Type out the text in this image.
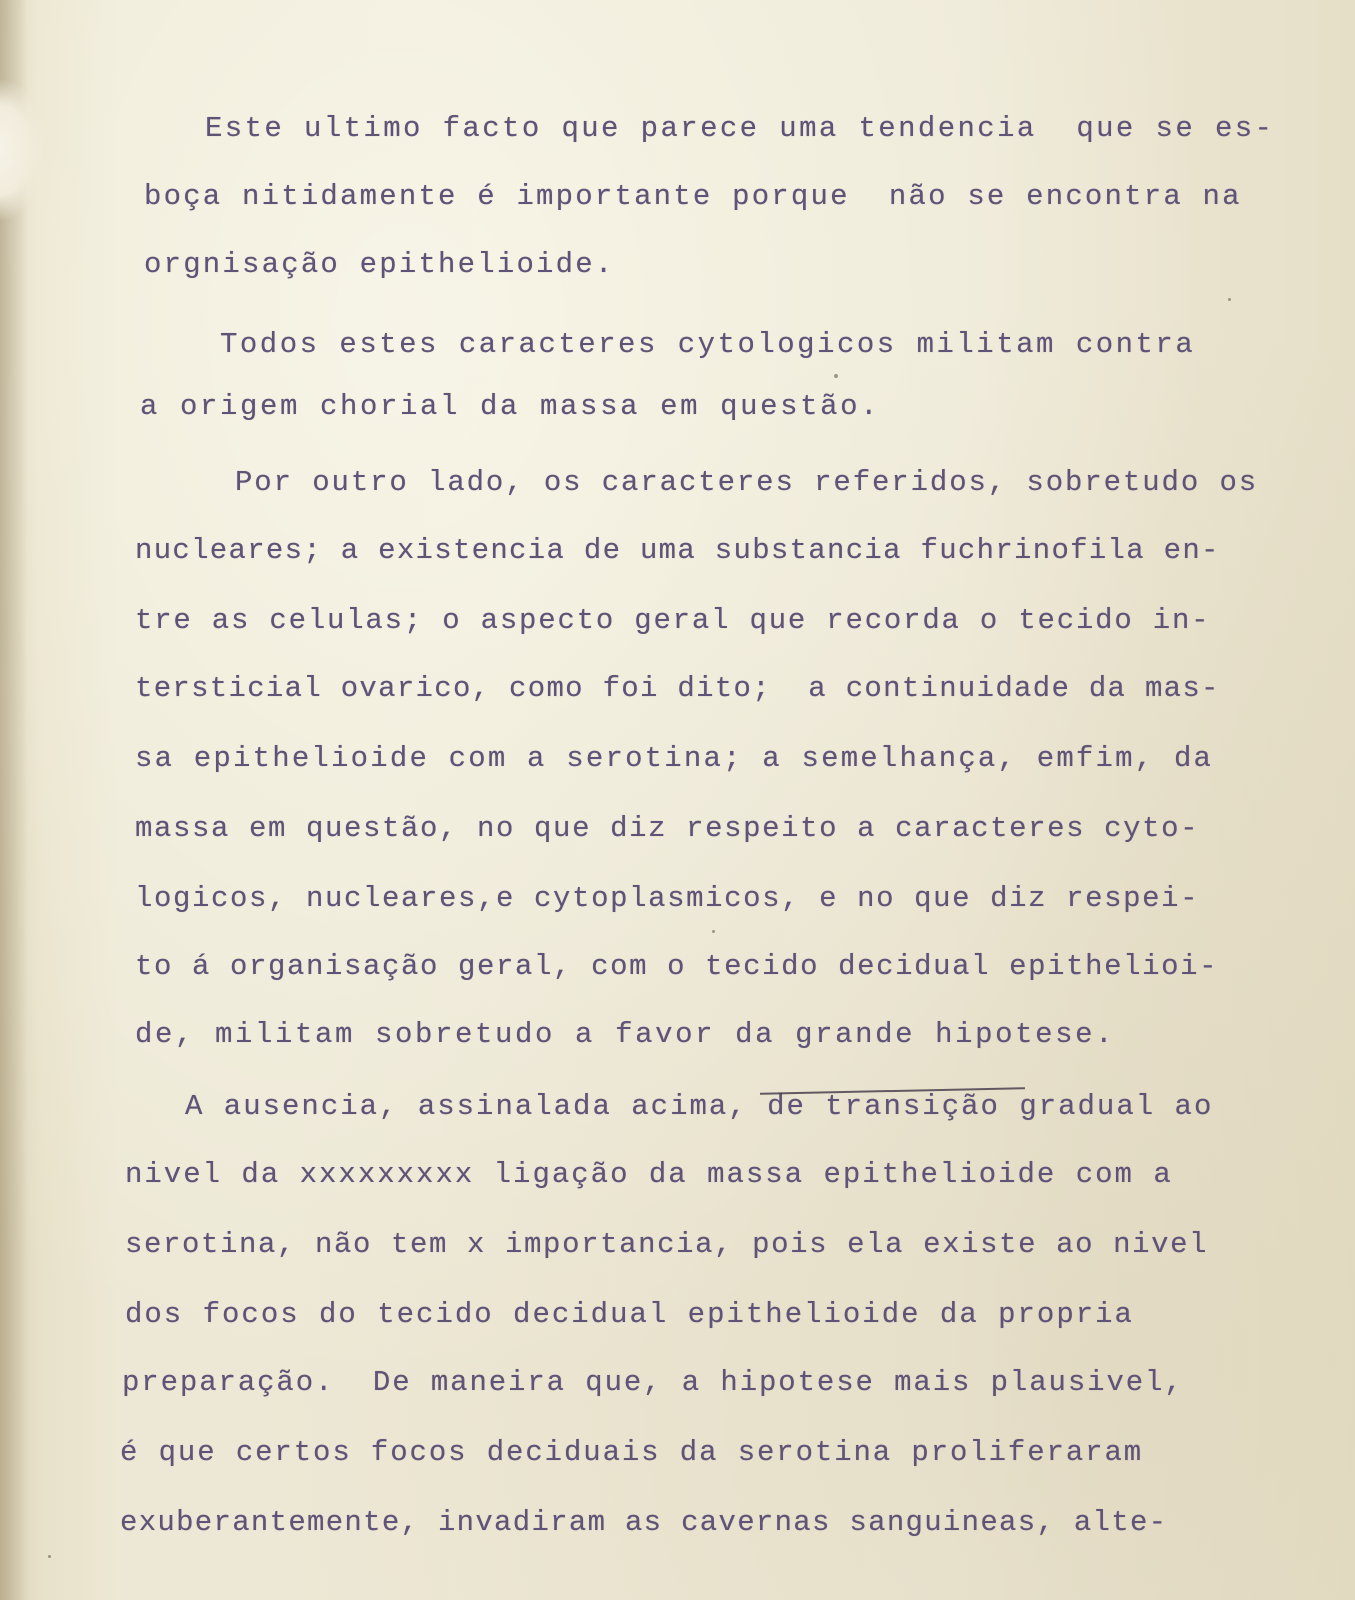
Este ultimo facto que parece uma tendencia  que se es-

boça nitidamente é importante porque  não se encontra na

orgnisação epithelioide.

Todos estes caracteres cytologicos militam contra

a origem chorial da massa em questão.

Por outro lado, os caracteres referidos, sobretudo os

nucleares; a existencia de uma substancia fuchrinofila en-

tre as celulas; o aspecto geral que recorda o tecido in-

tersticial ovarico, como foi dito;  a continuidade da mas-

sa epithelioide com a serotina; a semelhança, emfim, da

massa em questão, no que diz respeito a caracteres cyto-

logicos, nucleares,e cytoplasmicos, e no que diz respei-

to á organisação geral, com o tecido decidual epithelioi-

de, militam sobretudo a favor da grande hipotese.

A ausencia, assinalada acima, de transição gradual ao

nivel da xxxxxxxxx ligação da massa epithelioide com a

serotina, não tem x importancia, pois ela existe ao nivel

dos focos do tecido decidual epithelioide da propria

preparação.  De maneira que, a hipotese mais plausivel,

é que certos focos deciduais da serotina proliferaram

exuberantemente, invadiram as cavernas sanguineas, alte-
